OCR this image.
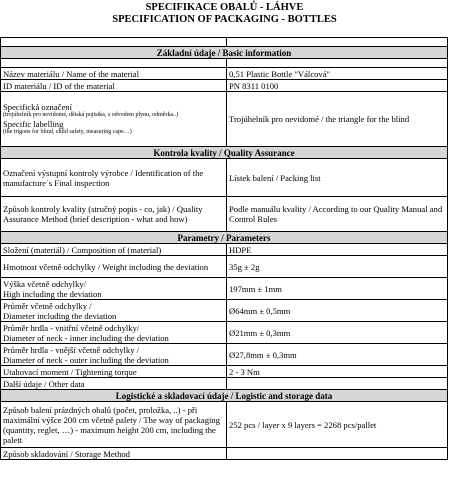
SPECIFIKACE OBALŮ - LÁHVE
SPECIFICATION OF PACKAGING - BOTTLES

Základní údaje / Basic information	

Název materiálu / Name of the material	0,51 Plastic Bottle "Válcová"
ID materiálu / ID of the material	PN 8311 0100

Specifická označení
(trojúhelník pro nevidomé, dětská pojistka, s odvodem plynu, odměrka..)
Specific labelling
(the trigons for blind, child safety, measuring cape…)	Trojúhelník pro nevidomé / the triangle for the blind
Kontrola kvality / Quality Assurance	
Označení výstupní kontroly výrobce / Identification of the manufacture´s Final inspection	Lístek balení / Packing list
Způsob kontroly kvality (stručný popis - co, jak) / Quality Assurance Method (brief description - what and how)	Podle manuálu kvality / According to our Quality Manual and Control Rules
Parametry / Parameters	
Složení (materiál) / Composition of (material)	HDPE
Hmotnost včetně odchylky / Weight including the deviation	35g ± 2g

Výška včetně odchylky/
High including the deviation	197mm ± 1mm

Průměr včetně odchylky /
Diameter including the deviation	Ø64mm ± 0,5mm

Průměr hrdla - vnitřní včetně odchylky/
Diameter of neck - inner including the deviation	Ø21mm ± 0,3mm

Průměr hrdla - vnější včetně odchylky /
Diameter of neck - outer including the deviation	Ø27,8mm ± 0,3mm
Utahovací moment / Tightening torque	2 - 3 Nm
Další údaje / Other data	
Logistické a skladovací údaje / Logistic and storage data	
Způsob balení prázdných obalů (počet, proložka, ..) - při maximální výšce 200 cm včetně palety / The way of packaging (quantity, reglet, …) - maximum height 200 cm, including the palett	252 pcs / layer x 9 layers = 2268 pcs/pallet
Způsob skladování / Storage Method	
